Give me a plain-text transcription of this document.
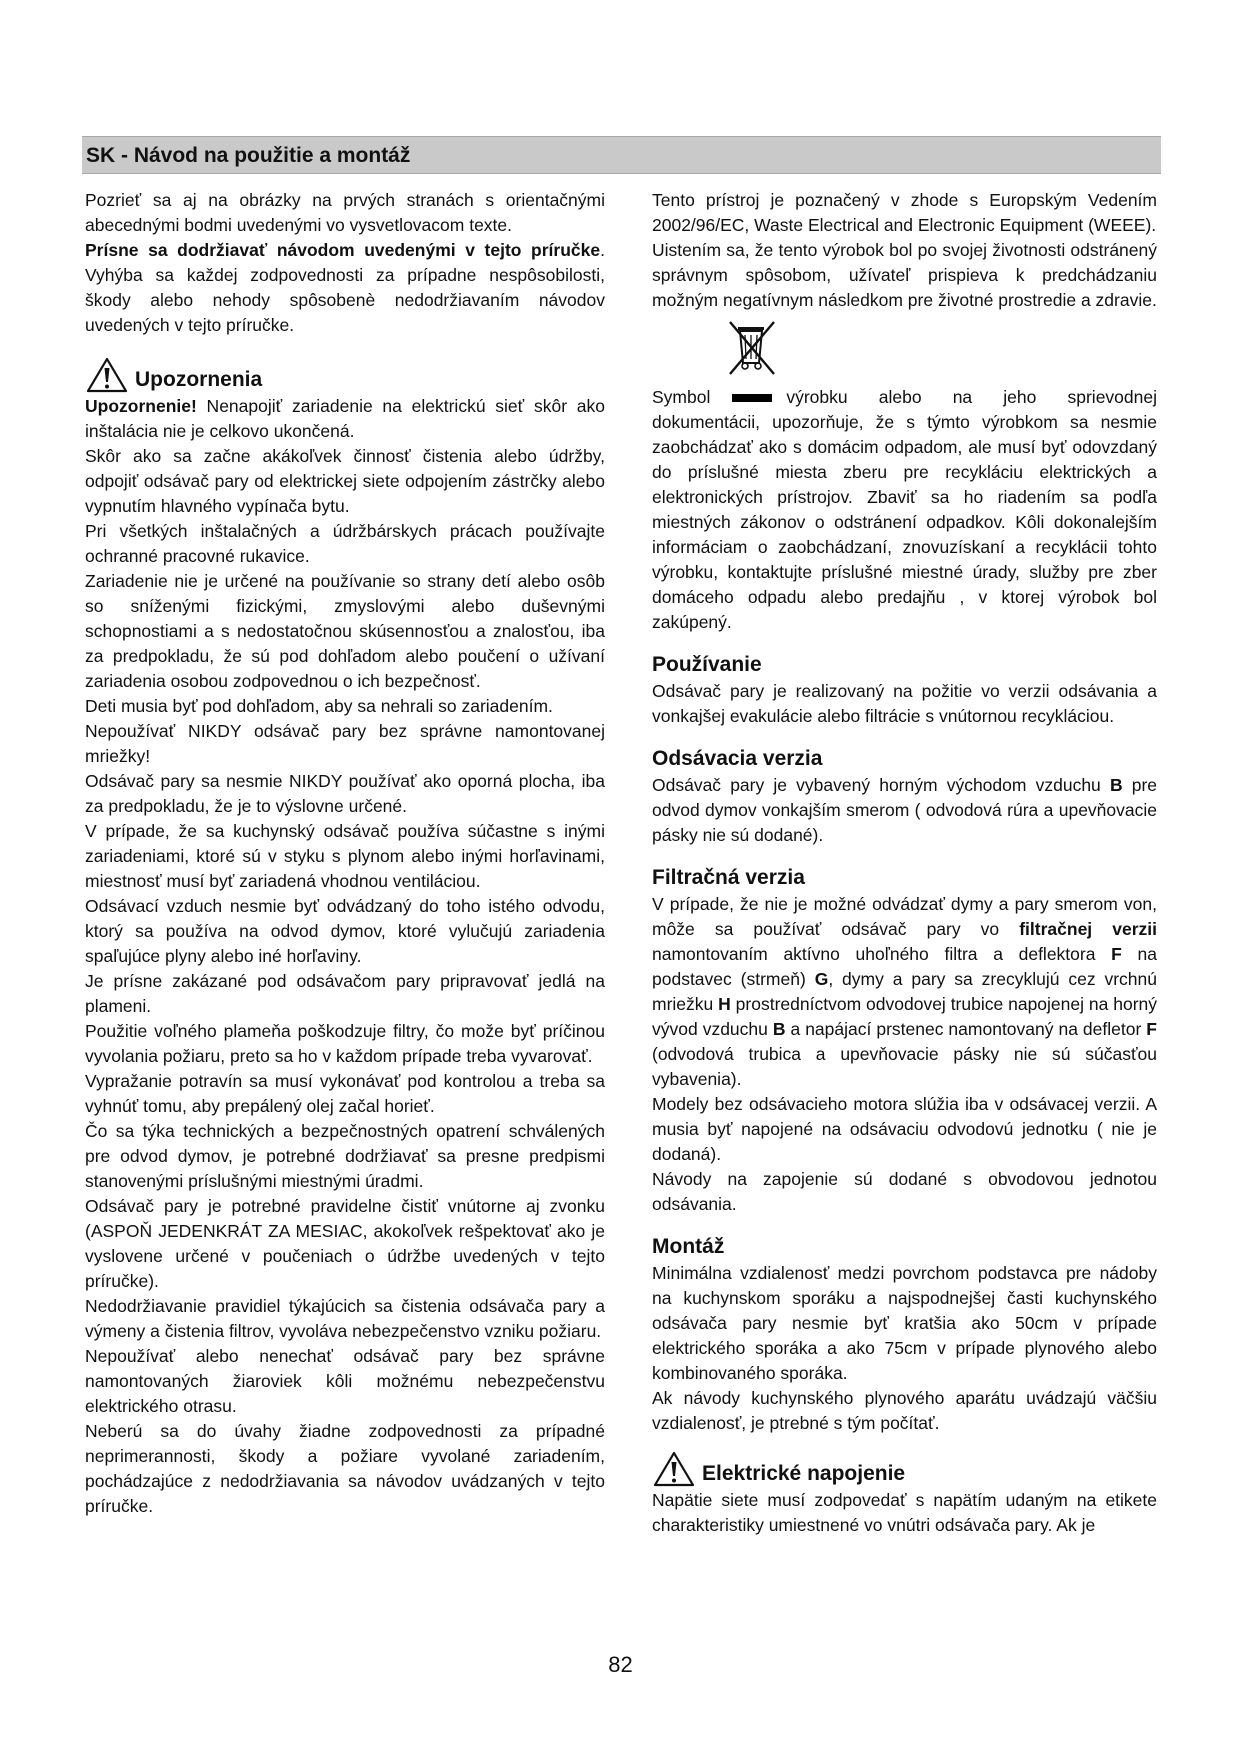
SK - Návod na použitie a montáž

Pozrieť sa aj na obrázky na prvých stranách s orientačnými abecednými bodmi uvedenými vo vysvetlovacom texte.
Prísne sa dodržiavať návodom uvedenými v tejto príručke. Vyhýba sa každej zodpovednosti za prípadne nespôsobilosti, škody alebo nehody spôsobenè nedodržiavaním návodov uvedených v tejto príručke.

Upozornenia

Upozornenie! Nenapojiť zariadenie na elektrickú sieť skôr ako inštalácia nie je celkovo ukončená.

Skôr ako sa začne akákoľvek činnosť čistenia alebo údržby, odpojiť odsávač pary od elektrickej siete odpojením zástrčky alebo vypnutím hlavného vypínača bytu.

Pri všetkých inštalačných a údržbárskych prácach používajte ochranné pracovné rukavice.

Zariadenie nie je určené na používanie so strany detí alebo osôb so sníženými fizickými, zmyslovými alebo duševnými schopnostiami a s nedostatočnou skúsennosťou a znalosťou, iba za predpokladu, že sú pod dohľadom alebo poučení o užívaní zariadenia osobou zodpovednou o ich bezpečnosť.

Deti musia byť pod dohľadom, aby sa nehrali so zariadením.

Nepoužívať NIKDY odsávač pary bez správne namontovanej mriežky!

Odsávač pary sa nesmie NIKDY používať ako oporná plocha, iba za predpokladu, že je to výslovne určené.

V prípade, že sa kuchynský odsávač používa súčastne s inými zariadeniami, ktoré sú v styku s plynom alebo inými horľavinami, miestnosť musí byť zariadená vhodnou ventiláciou.

Odsávací vzduch nesmie byť odvádzaný do toho istého odvodu, ktorý sa používa na odvod dymov, ktoré vylučujú zariadenia spaľujúce plyny alebo iné horľaviny.

Je prísne zakázané pod odsávačom pary pripravovať jedlá na plameni.

Použitie voľného plameňa poškodzuje filtry, čo može byť príčinou vyvolania požiaru, preto sa ho v každom prípade treba vyvarovať.

Vypražanie potravín sa musí vykonávať pod kontrolou a treba sa vyhnúť tomu, aby prepálený olej začal horieť.

Čo sa týka technických a bezpečnostných opatrení schválených pre odvod dymov, je potrebné dodržiavať sa presne predpismi stanovenými príslušnými miestnými úradmi.

Odsávač pary je potrebné pravidelne čistiť vnútorne aj zvonku (ASPOŇ JEDENKRÁT ZA MESIAC, akokoľvek rešpektovať ako je vyslovene určené v poučeniach o údržbe uvedených v tejto príručke).

Nedodržiavanie pravidiel týkajúcich sa čistenia odsávača pary a výmeny a čistenia filtrov, vyvoláva nebezpečenstvo vzniku požiaru.

Nepoužívať alebo nenechať odsávač pary bez správne namontovaných žiaroviek kôli možnému nebezpečenstvu elektrického otrasu.

Neberú sa do úvahy žiadne zodpovednosti za prípadné neprimerannosti, škody a požiare vyvolané zariadením, pochádzajúce z nedodržiavania sa návodov uvádzaných v tejto príručke.

Tento prístroj je poznačený v zhode s Europským Vedením 2002/96/EC, Waste Electrical and Electronic Equipment (WEEE).

Uistením sa, že tento výrobok bol po svojej životnosti odstránený správnym spôsobom, užívateľ prispieva k predchádzaniu možným negatívnym následkom pre životné prostredie a zdravie.

Symbol	výrobku alebo na jeho sprievodnej dokumentácii, upozorňuje, že s týmto výrobkom sa nesmie zaobchádzať ako s domácim odpadom, ale musí byť odovzdaný do príslušné miesta zberu pre recykláciu elektrických a elektronických prístrojov. Zbaviť sa ho riadením sa podľa miestných zákonov o odstránení odpadkov. Kôli dokonalejším informáciam o zaobchádzaní, znovuzískaní a recyklácii tohto výrobku, kontaktujte príslušné miestné úrady, služby pre zber domáceho odpadu alebo predajňu , v ktorej výrobok bol zakúpený.

Používanie

Odsávač pary je realizovaný na požitie vo verzii odsávania a vonkajšej evakulácie alebo filtrácie s vnútornou recykláciou.

Odsávacia verzia

Odsávač pary je vybavený horným východom vzduchu B pre odvod dymov vonkajším smerom ( odvodová rúra a upevňovacie pásky nie sú dodané).

Filtračná verzia

V prípade, že nie je možné odvádzať dymy a pary smerom von, môže sa používať odsávač pary vo filtračnej verzii namontovaním aktívno uhoľného filtra a deflektora F na podstavec (strmeň) G, dymy a pary sa zrecyklujú cez vrchnú mriežku H prostredníctvom odvodovej trubice napojenej na horný vývod vzduchu B a napájací prstenec namontovaný na defletor F (odvodová trubica a upevňovacie pásky nie sú súčasťou vybavenia).

Modely bez odsávacieho motora slúžia iba v odsávacej verzii. A musia byť napojené na odsávaciu odvodovú jednotku ( nie je dodaná).

Návody na zapojenie sú dodané s obvodovou jednotou odsávania.

Montáž

Minimálna vzdialenosť medzi povrchom podstavca pre nádoby na kuchynskom sporáku a najspodnejšej časti kuchynského odsávača pary nesmie byť kratšia ako 50cm v prípade elektrického sporáka a ako 75cm v prípade plynového alebo kombinovaného sporáka.

Ak návody kuchynského plynového aparátu uvádzajú väčšiu vzdialenosť, je ptrebné s tým počítať.

Elektrické napojenie

Napätie siete musí zodpovedať s napätím udaným na etikete charakteristiky umiestnené vo vnútri odsávača pary. Ak je

82
